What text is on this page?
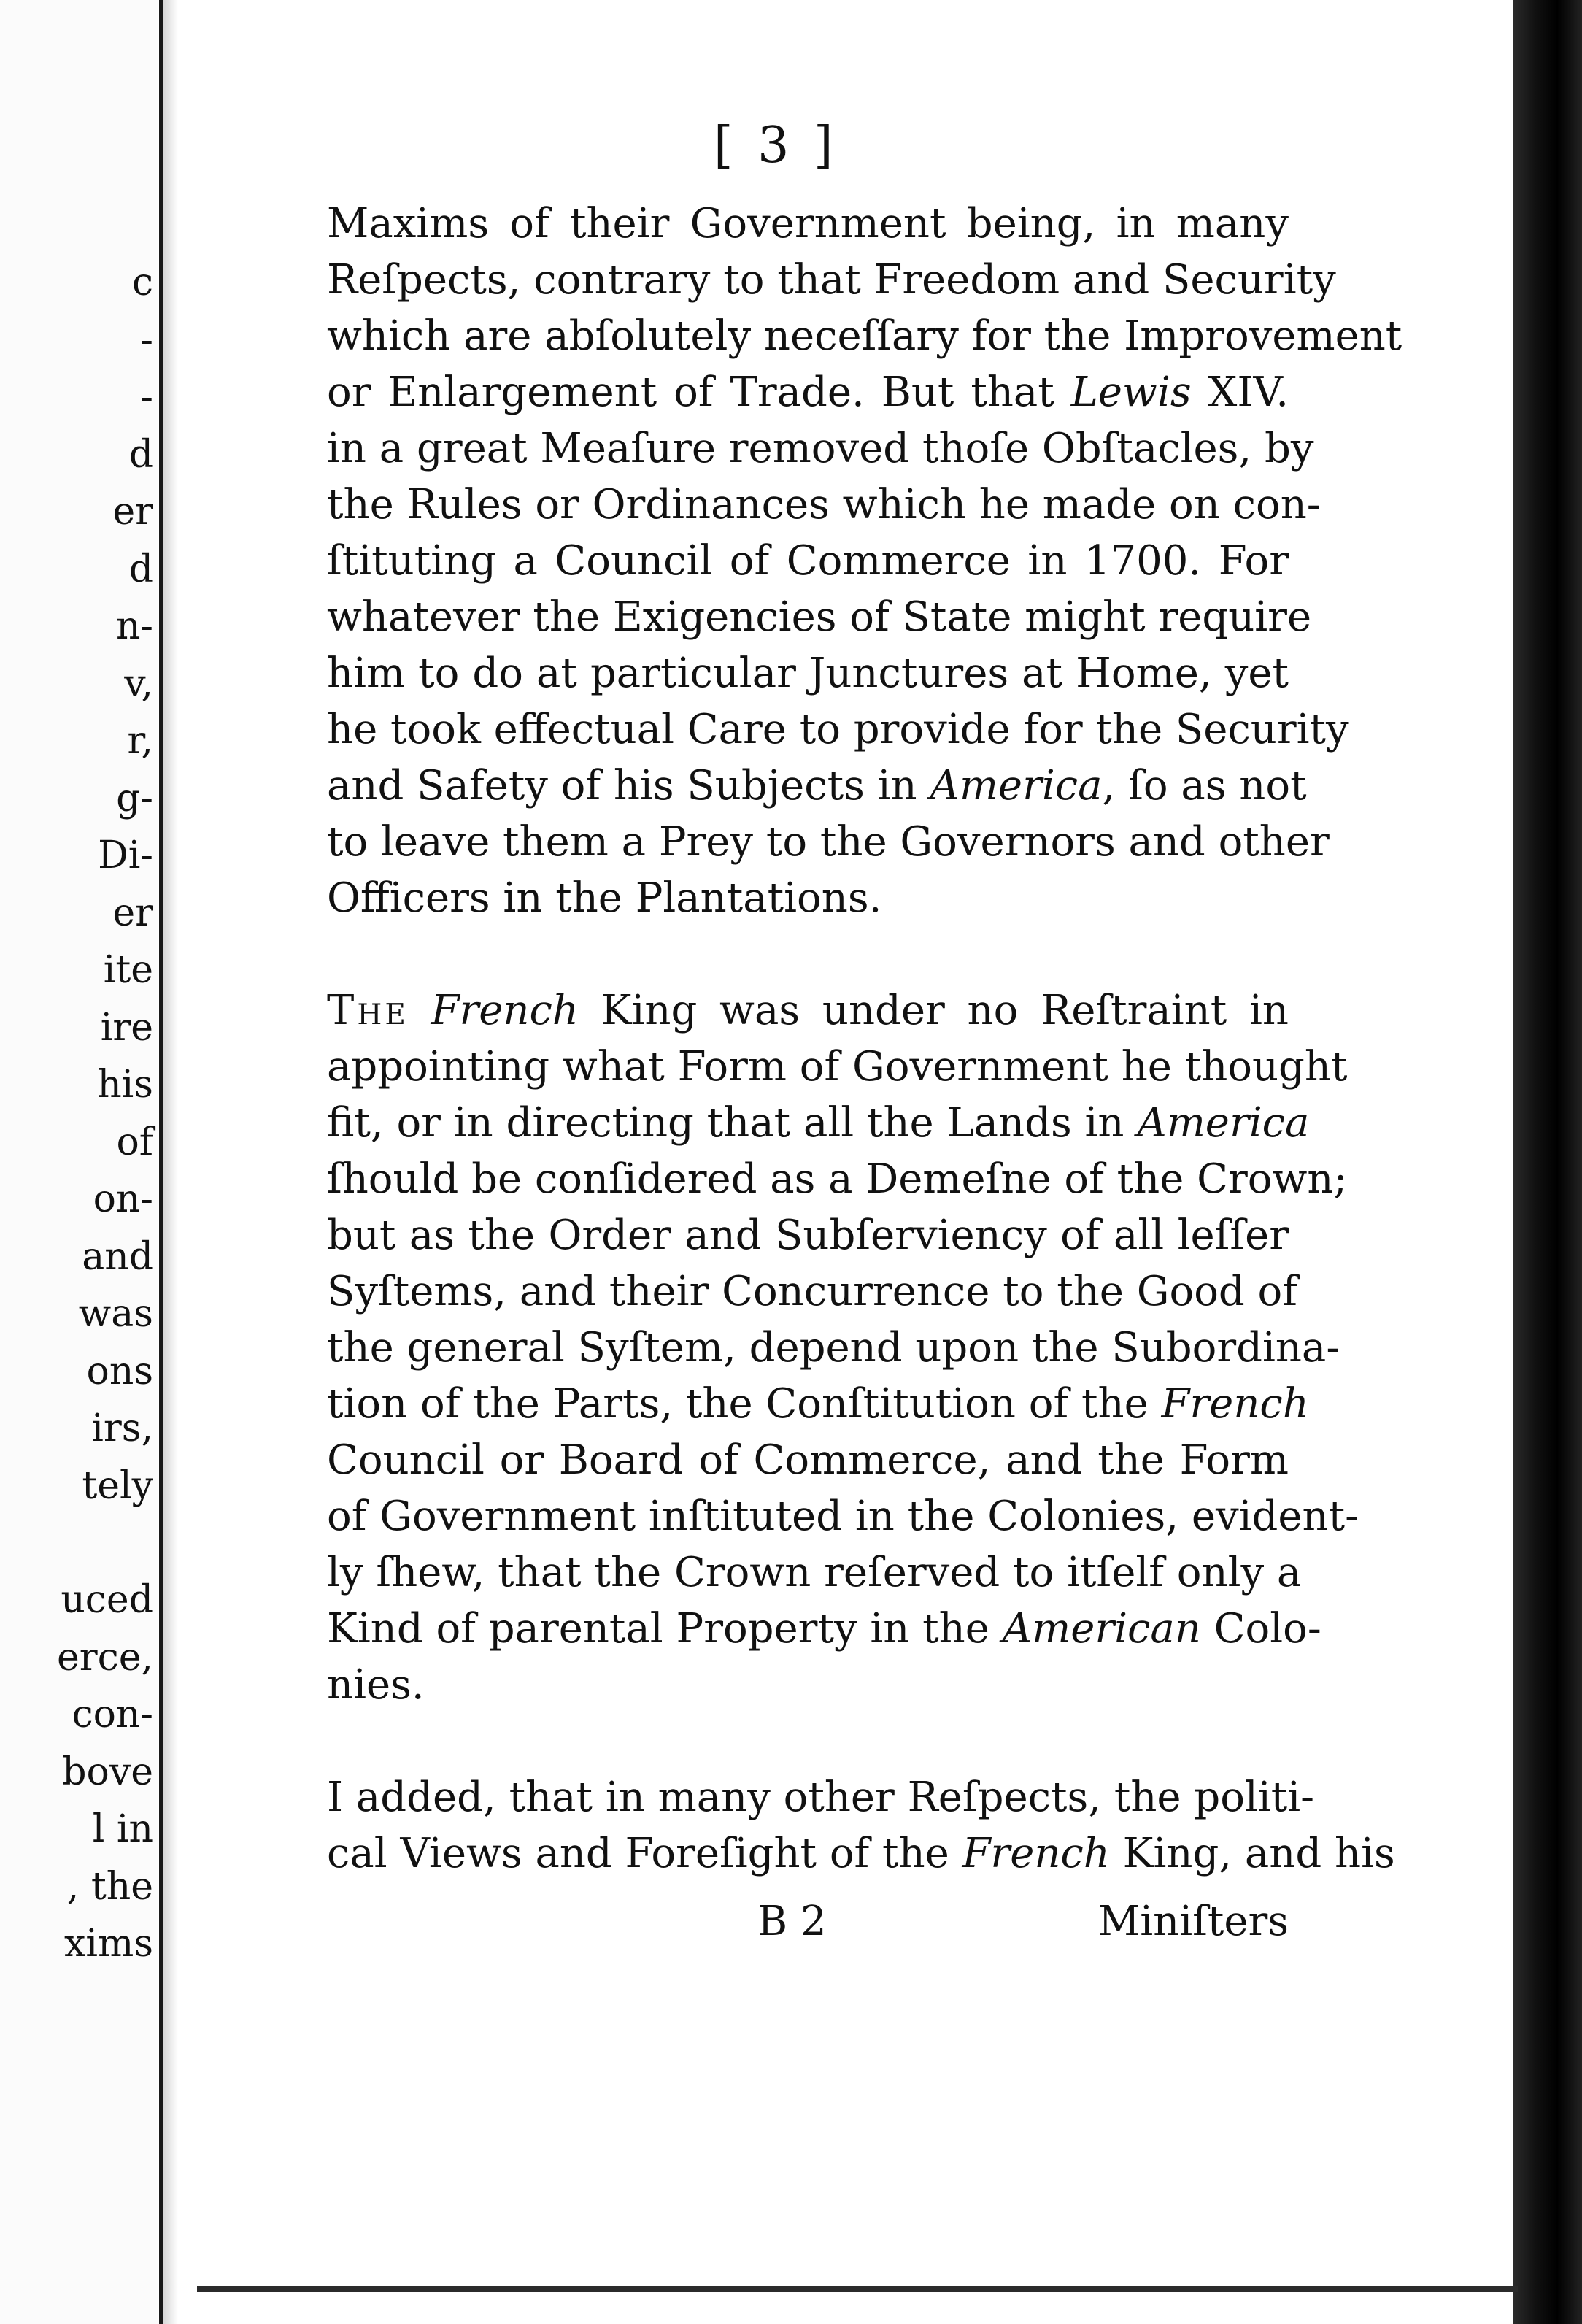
c
-
-
d
er
d
n-
v,
r,
g-
Di-
er
ite
ire
his
of
on-
and
was
ons
irs,
tely

uced
erce,
con-
bove
l in
, the
xims
[ 3 ]
Maxims of their Government being, in many
Reſpects, contrary to that Freedom and Security
which are abſolutely neceſſary for the Improvement
or Enlargement of Trade. But that Lewis XIV.
in a great Meaſure removed thoſe Obſtacles, by
the Rules or Ordinances which he made on con-
ſtituting a Council of Commerce in 1700. For
whatever the Exigencies of State might require
him to do at particular Junctures at Home, yet
he took effectual Care to provide for the Security
and Safety of his Subjects in America, ſo as not
to leave them a Prey to the Governors and other
Officers in the Plantations.
The French King was under no Reſtraint in
appointing what Form of Government he thought
fit, or in directing that all the Lands in America
ſhould be conſidered as a Demeſne of the Crown;
but as the Order and Subſerviency of all leſſer
Syſtems, and their Concurrence to the Good of
the general Syſtem, depend upon the Subordina-
tion of the Parts, the Conſtitution of the French
Council or Board of Commerce, and the Form
of Government inſtituted in the Colonies, evident-
ly ſhew, that the Crown reſerved to itſelf only a
Kind of parental Property in the American Colo-
nies.
I added, that in many other Reſpects, the politi-
cal Views and Foreſight of the French King, and his
B 2	Miniſters
